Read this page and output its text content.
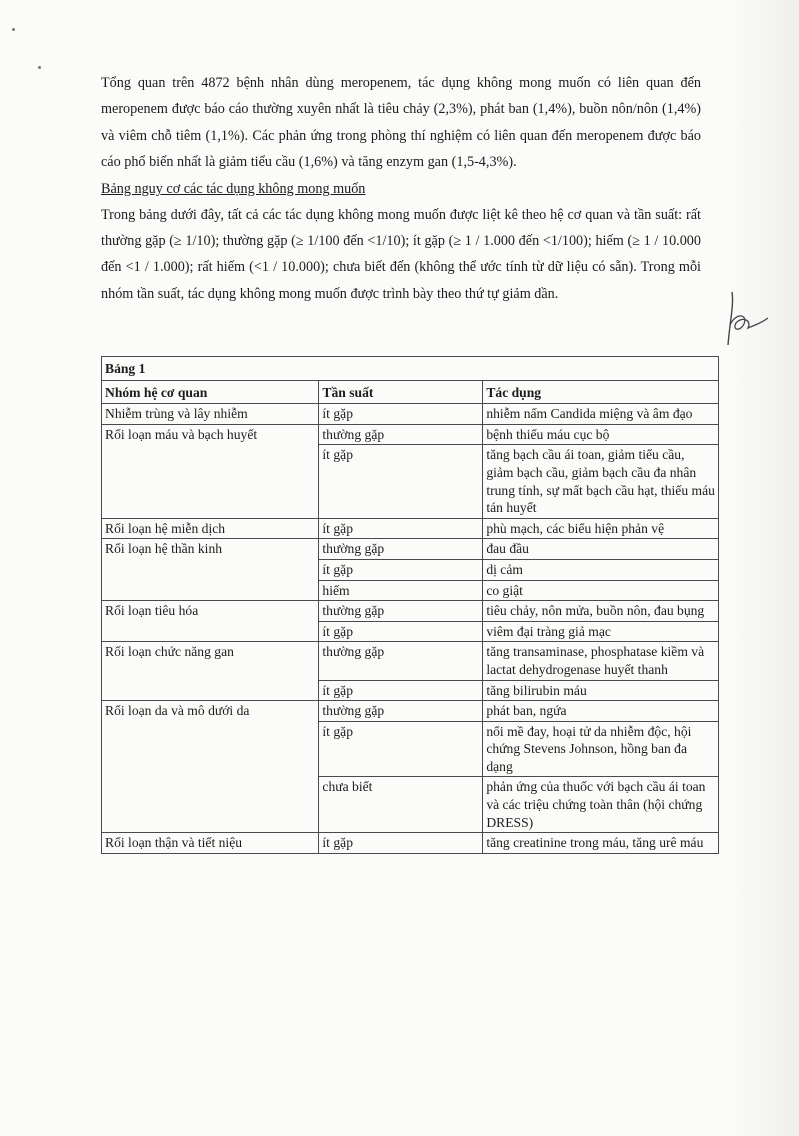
Tổng quan trên 4872 bệnh nhân dùng meropenem, tác dụng không mong muốn có liên quan đến meropenem được báo cáo thường xuyên nhất là tiêu chảy (2,3%), phát ban (1,4%), buồn nôn/nôn (1,4%) và viêm chỗ tiêm (1,1%). Các phản ứng trong phòng thí nghiệm có liên quan đến meropenem được báo cáo phổ biến nhất là giảm tiểu cầu (1,6%) và tăng enzym gan (1,5-4,3%).

Bảng nguy cơ các tác dụng không mong muốn

Trong bảng dưới đây, tất cả các tác dụng không mong muốn được liệt kê theo hệ cơ quan và tần suất: rất thường gặp (≥ 1/10); thường gặp (≥ 1/100 đến <1/10); ít gặp (≥ 1 / 1.000 đến <1/100); hiếm (≥ 1 / 10.000 đến <1 / 1.000); rất hiếm (<1 / 10.000); chưa biết đến (không thể ước tính từ dữ liệu có sẵn). Trong mỗi nhóm tần suất, tác dụng không mong muốn được trình bày theo thứ tự giảm dần.

Bảng 1		
Nhóm hệ cơ quan	Tần suất	Tác dụng
Nhiễm trùng và lây nhiễm	ít gặp	nhiễm nấm Candida miệng và âm đạo
Rối loạn máu và bạch huyết	thường gặp	bệnh thiếu máu cục bộ
	ít gặp	tăng bạch cầu ái toan, giảm tiểu cầu, giảm bạch cầu, giảm bạch cầu đa nhân trung tính, sự mất bạch cầu hạt, thiếu máu tán huyết
Rối loạn hệ miễn dịch	ít gặp	phù mạch, các biểu hiện phản vệ
Rối loạn hệ thần kinh	thường gặp	đau đầu
	ít gặp	dị cảm
	hiếm	co giật
Rối loạn tiêu hóa	thường gặp	tiêu chảy, nôn mửa, buồn nôn, đau bụng
	ít gặp	viêm đại tràng giả mạc
Rối loạn chức năng gan	thường gặp	tăng transaminase, phosphatase kiềm và lactat dehydrogenase huyết thanh
	ít gặp	tăng bilirubin máu
Rối loạn da và mô dưới da	thường gặp	phát ban, ngứa
	ít gặp	nổi mề đay, hoại tử da nhiễm độc, hội chứng Stevens Johnson, hồng ban đa dạng
	chưa biết	phản ứng của thuốc với bạch cầu ái toan và các triệu chứng toàn thân (hội chứng DRESS)
Rối loạn thận và tiết niệu	ít gặp	tăng creatinine trong máu, tăng urê máu
